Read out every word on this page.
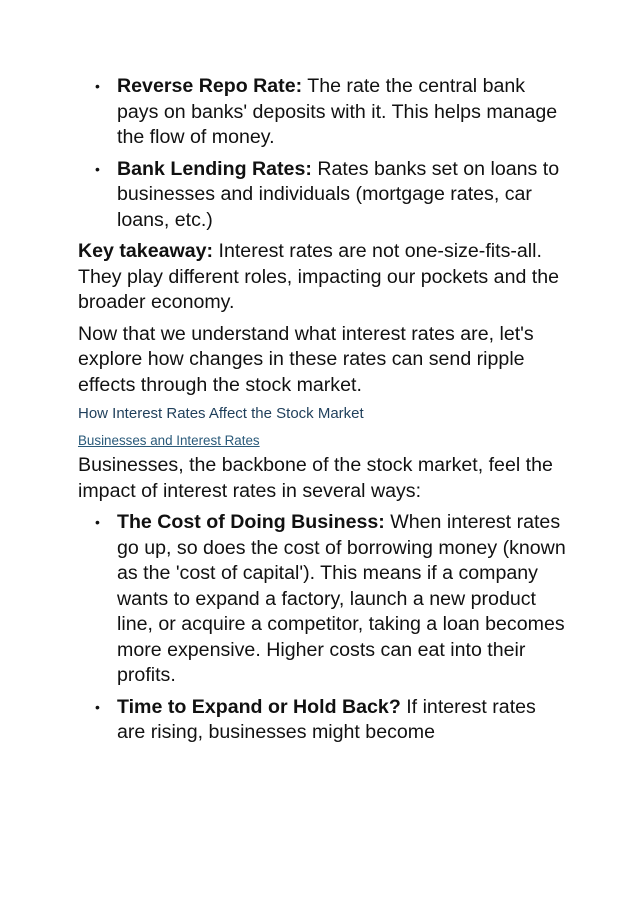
• Reverse Repo Rate: The rate the central bank pays on banks' deposits with it. This helps manage the flow of money.
• Bank Lending Rates: Rates banks set on loans to businesses and individuals (mortgage rates, car loans, etc.)

Key takeaway: Interest rates are not one-size-fits-all. They play different roles, impacting our pockets and the broader economy.

Now that we understand what interest rates are, let's explore how changes in these rates can send ripple effects through the stock market.

How Interest Rates Affect the Stock Market
Businesses and Interest Rates

Businesses, the backbone of the stock market, feel the impact of interest rates in several ways:

• The Cost of Doing Business: When interest rates go up, so does the cost of borrowing money (known as the 'cost of capital'). This means if a company wants to expand a factory, launch a new product line, or acquire a competitor, taking a loan becomes more expensive. Higher costs can eat into their profits.
• Time to Expand or Hold Back? If interest rates are rising, businesses might become
